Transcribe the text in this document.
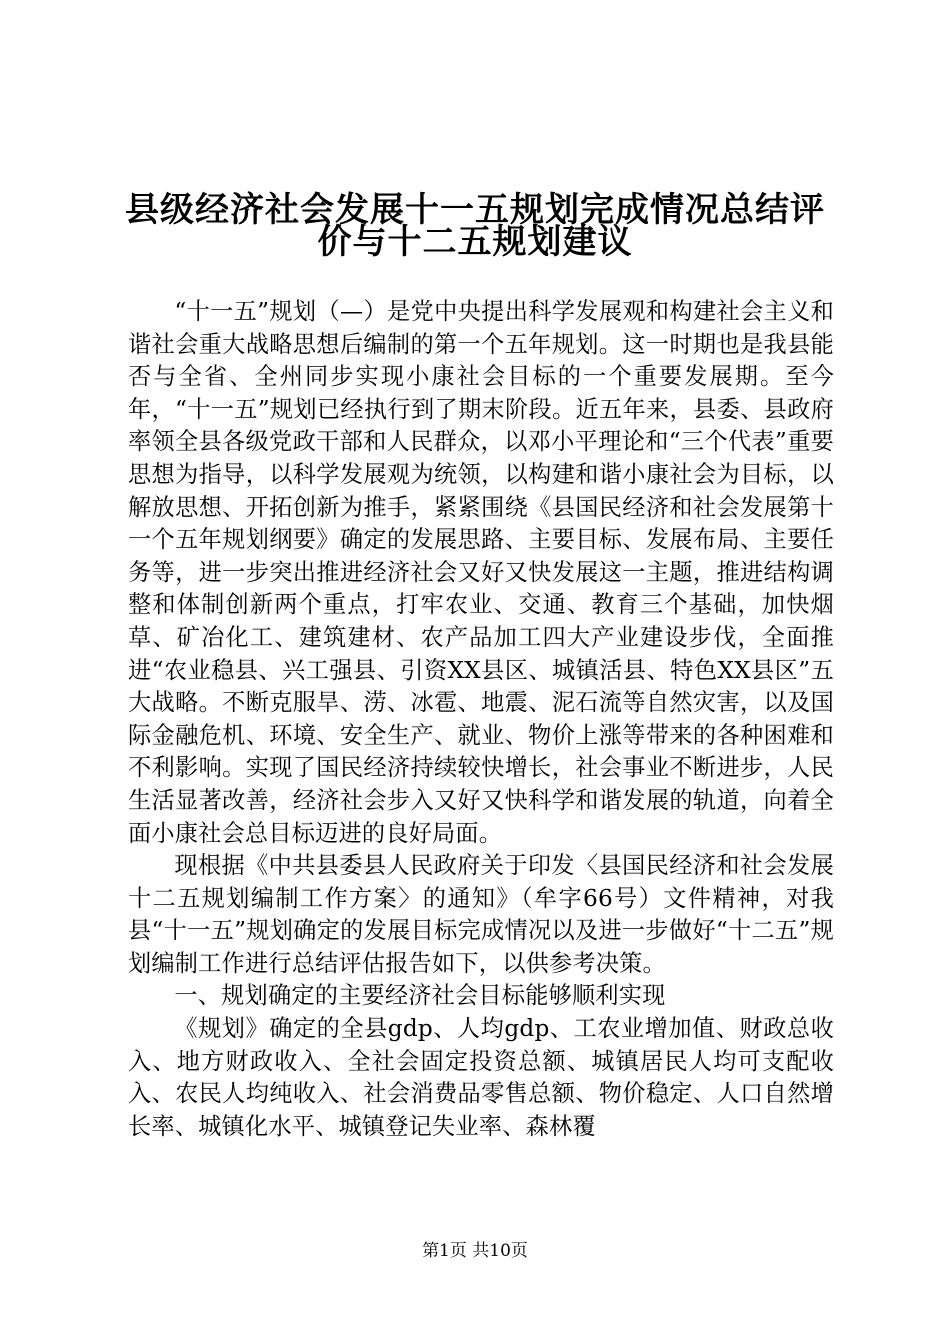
县级经济社会发展十一五规划完成情况总结评
价与十二五规划建议

“十一五”规划（—）是党中央提出科学发展观和构建社会主义和谐社会重大战略思想后编制的第一个五年规划。这一时期也是我县能否与全省、全州同步实现小康社会目标的一个重要发展期。至今年，“十一五”规划已经执行到了期末阶段。近五年来，县委、县政府率领全县各级党政干部和人民群众，以邓小平理论和“三个代表”重要思想为指导，以科学发展观为统领，以构建和谐小康社会为目标，以解放思想、开拓创新为推手，紧紧围绕《县国民经济和社会发展第十一个五年规划纲要》确定的发展思路、主要目标、发展布局、主要任务等，进一步突出推进经济社会又好又快发展这一主题，推进结构调整和体制创新两个重点，打牢农业、交通、教育三个基础，加快烟草、矿冶化工、建筑建材、农产品加工四大产业建设步伐，全面推进“农业稳县、兴工强县、引资XX县区、城镇活县、特色XX县区”五大战略。不断克服旱、涝、冰雹、地震、泥石流等自然灾害，以及国际金融危机、环境、安全生产、就业、物价上涨等带来的各种困难和不利影响。实现了国民经济持续较快增长，社会事业不断进步，人民生活显著改善，经济社会步入又好又快科学和谐发展的轨道，向着全面小康社会总目标迈进的良好局面。

现根据《中共县委县人民政府关于印发〈县国民经济和社会发展十二五规划编制工作方案〉的通知》（牟字66号）文件精神，对我县“十一五”规划确定的发展目标完成情况以及进一步做好“十二五”规划编制工作进行总结评估报告如下，以供参考决策。

一、规划确定的主要经济社会目标能够顺利实现

《规划》确定的全县gdp、人均gdp、工农业增加值、财政总收入、地方财政收入、全社会固定投资总额、城镇居民人均可支配收入、农民人均纯收入、社会消费品零售总额、物价稳定、人口自然增长率、城镇化水平、城镇登记失业率、森林覆

第1页 共10页
